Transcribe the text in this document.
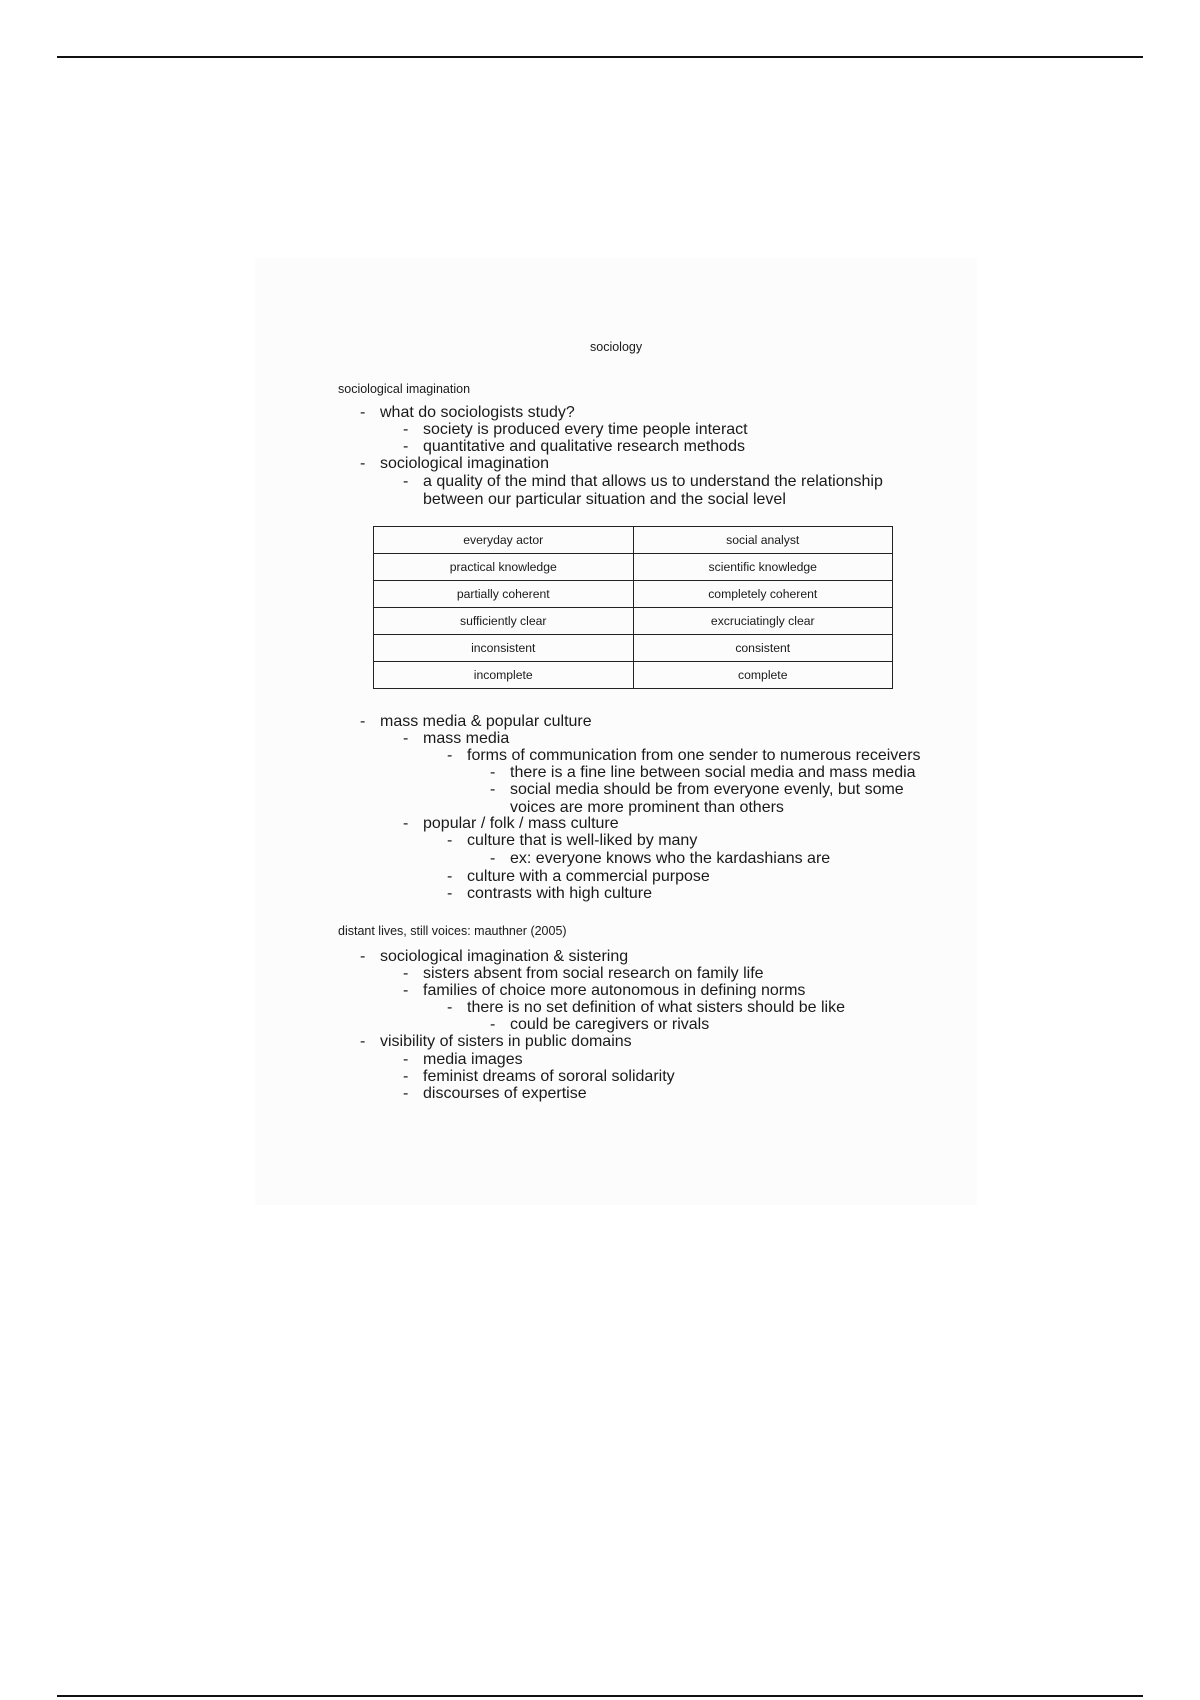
sociology
sociological imagination
- what do sociologists study?
- society is produced every time people interact
- quantitative and qualitative research methods
- sociological imagination
- a quality of the mind that allows us to understand the relationship between our particular situation and the social level
everyday actor	social analyst
practical knowledge	scientific knowledge
partially coherent	completely coherent
sufficiently clear	excruciatingly clear
inconsistent	consistent
incomplete	complete
- mass media & popular culture
- mass media
- forms of communication from one sender to numerous receivers
- there is a fine line between social media and mass media
- social media should be from everyone evenly, but some voices are more prominent than others
- popular / folk / mass culture
- culture that is well-liked by many
- ex: everyone knows who the kardashians are
- culture with a commercial purpose
- contrasts with high culture
distant lives, still voices: mauthner (2005)
- sociological imagination & sistering
- sisters absent from social research on family life
- families of choice more autonomous in defining norms
- there is no set definition of what sisters should be like
- could be caregivers or rivals
- visibility of sisters in public domains
- media images
- feminist dreams of sororal solidarity
- discourses of expertise
